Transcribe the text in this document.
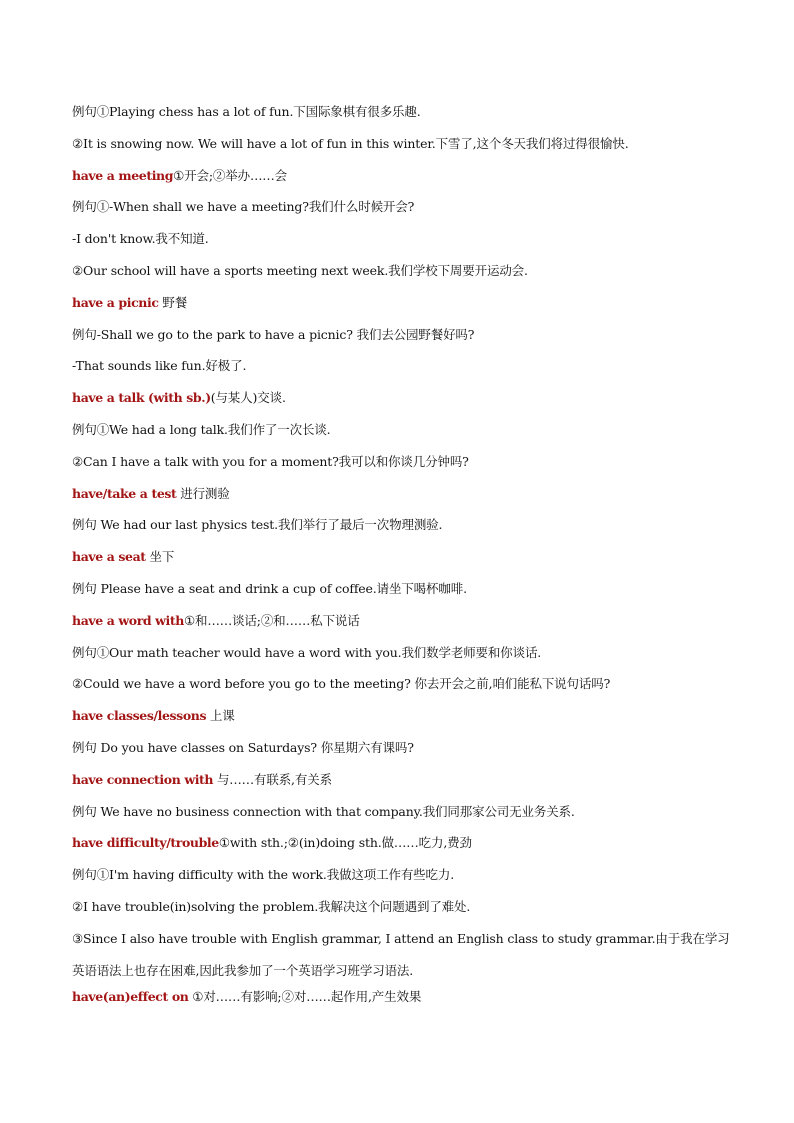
例句①Playing chess has a lot of fun.下国际象棋有很多乐趣.
②It is snowing now. We will have a lot of fun in this winter.下雪了,这个冬天我们将过得很愉快.
have a meeting①开会;②举办……会
例句①-When shall we have a meeting?我们什么时候开会?
-I don't know.我不知道.
②Our school will have a sports meeting next week.我们学校下周要开运动会.
have a picnic 野餐
例句-Shall we go to the park to have a picnic? 我们去公园野餐好吗?
-That sounds like fun.好极了.
have a talk (with sb.)(与某人)交谈.
例句①We had a long talk.我们作了一次长谈.
②Can I have a talk with you for a moment?我可以和你谈几分钟吗?
have/take a test 进行测验
例句 We had our last physics test.我们举行了最后一次物理测验.
have a seat 坐下
例句 Please have a seat and drink a cup of coffee.请坐下喝杯咖啡.
have a word with①和……谈话;②和……私下说话
例句①Our math teacher would have a word with you.我们数学老师要和你谈话.
②Could we have a word before you go to the meeting? 你去开会之前,咱们能私下说句话吗?
have classes/lessons 上课
例句 Do you have classes on Saturdays? 你星期六有课吗?
have connection with 与……有联系,有关系
例句 We have no business connection with that company.我们同那家公司无业务关系.
have difficulty/trouble①with sth.;②(in)doing sth.做……吃力,费劲
例句①I'm having difficulty with the work.我做这项工作有些吃力.
②I have trouble(in)solving the problem.我解决这个问题遇到了难处.
③Since I also have trouble with English grammar, I attend an English class to study grammar.由于我在学习英语语法上也存在困难,因此我参加了一个英语学习班学习语法.
have(an)effect on ①对……有影响;②对……起作用,产生效果
